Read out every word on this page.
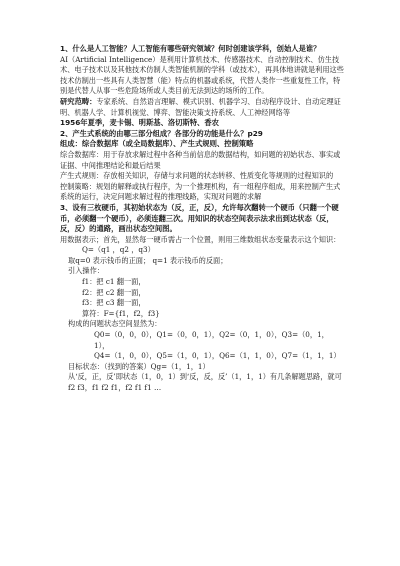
1、什么是人工智能？人工智能有哪些研究领域？何时创建该学科，创始人是谁？
AI（Artificial Intelligence）是利用计算机技术、传感器技术、自动控制技术、仿生技术、电子技术以及其他技术仿制人类智能机制的学科（或技术），再具体地讲就是利用这些技术仿制出一些具有人类智慧（能）特点的机器或系统，代替人类作一些重复性工作，特别是代替人从事一些危险场所或人类目前无法到达的场所的工作。
研究范畴：专家系统、自然语言理解、模式识别、机器学习、自动程序设计、自动定理证明、机器人学、计算机视觉、博弈、智能决策支持系统、人工神经网络等
1956年夏季，麦卡锡、明斯基、洛切斯特、香农
2、产生式系统的由哪三部分组成？各部分的功能是什么？p29
组成：综合数据库（或全局数据库）、产生式规则、控制策略
综合数据库：用于存放求解过程中各种当前信息的数据结构，如问题的初始状态、事实或证据、中间推理结论和最后结果
产生式规则：存放相关知识，存储与求问题的状态转移、性质变化等规则的过程知识的
控制策略：规划的解释或执行程序，为一个推理机构，有一组程序组成，用来控制产生式系统的运行，决定问题求解过程的推理线路，实现对问题的求解
3、设有三枚硬币，其初始状态为（反，正，反），允许每次翻转一个硬币（只翻一个硬币，必须翻一个硬币），必须连翻三次。用知识的状态空间表示法求出到达状态（反，反，反）的通路，画出状态空间图。
用数据表示；首先，显然每一硬币需占一个位置，则用三维数组状态变量表示这个知识：
Q=（q1 ，q2 ，q3）
取q=0 表示钱币的正面； q=1 表示钱币的反面；
引入操作：
f1：把 c1 翻一面，
f2：把 c2 翻一面，
f3：把 c3 翻一面，
算符：F={f1，f2，f3}
构成的问题状态空间显然为：
Q0=（0，0，0），Q1=（0，0，1），Q2=（0，1，0），Q3=（0，1，1），
Q4=（1，0，0），Q5=（1，0，1），Q6=（1，1，0），Q7=（1，1，1）
目标状态：（找到的答案）Qg=（1，1，1）
从‘反，正，反’即状态（1，0，1）到‘反，反，反’（1，1，1）有几条解题思路，就可f2 f3，f1 f2 f1，f2 f1 f1 …
